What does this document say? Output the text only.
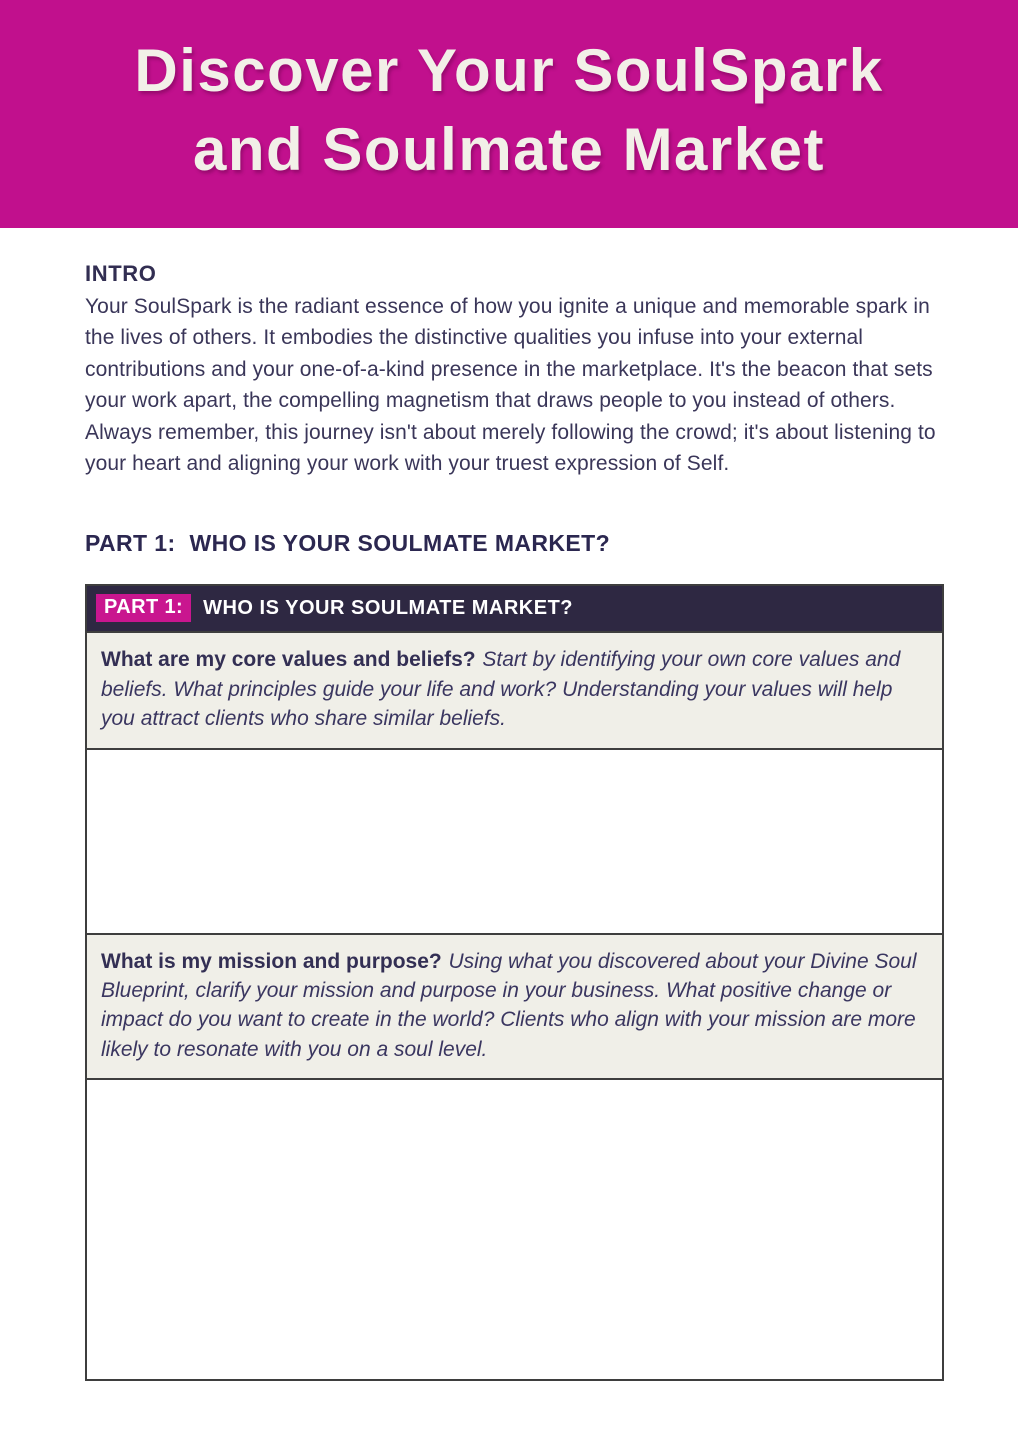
Discover Your SoulSpark
and Soulmate Market
INTRO
Your SoulSpark is the radiant essence of how you ignite a unique and memorable spark in the lives of others. It embodies the distinctive qualities you infuse into your external contributions and your one-of-a-kind presence in the marketplace. It's the beacon that sets your work apart, the compelling magnetism that draws people to you instead of others. Always remember, this journey isn't about merely following the crowd; it's about listening to your heart and aligning your work with your truest expression of Self.
PART 1: WHO IS YOUR SOULMATE MARKET?
PART 1:	WHO IS YOUR SOULMATE MARKET?
What are my core values and beliefs? Start by identifying your own core values and beliefs. What principles guide your life and work? Understanding your values will help you attract clients who share similar beliefs.
What is my mission and purpose? Using what you discovered about your Divine Soul Blueprint, clarify your mission and purpose in your business. What positive change or impact do you want to create in the world? Clients who align with your mission are more likely to resonate with you on a soul level.
